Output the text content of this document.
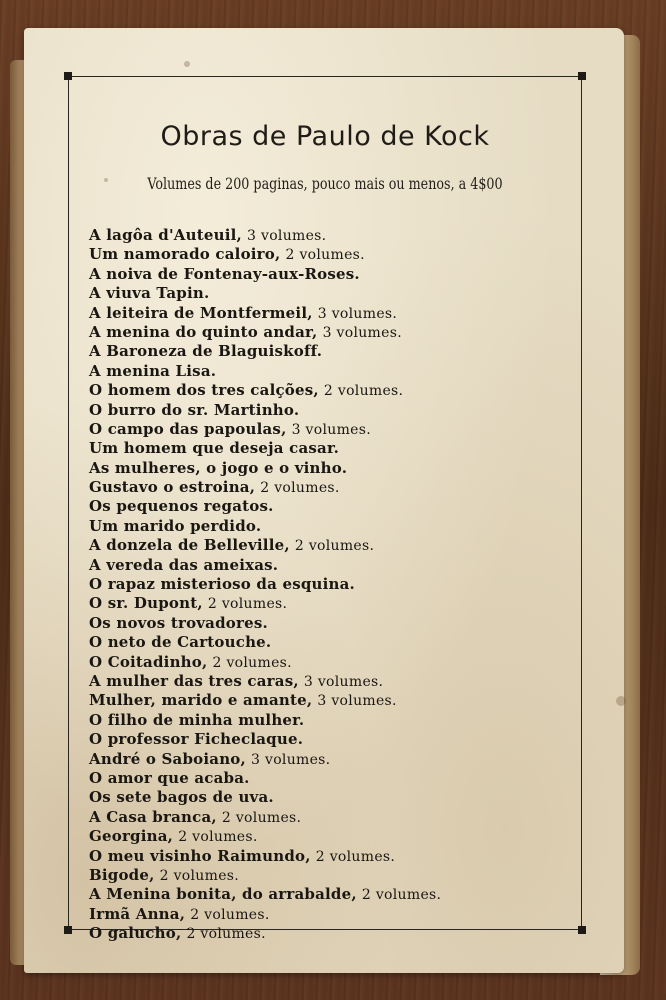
Obras de Paulo de Kock
Volumes de 200 paginas, pouco mais ou menos, a 4$00
A lagôa d'Auteuil, 3 volumes.
Um namorado caloiro, 2 volumes.
A noiva de Fontenay-aux-Roses.
A viuva Tapin.
A leiteira de Montfermeil, 3 volumes.
A menina do quinto andar, 3 volumes.
A Baroneza de Blaguiskoff.
A menina Lisa.
O homem dos tres calções, 2 volumes.
O burro do sr. Martinho.
O campo das papoulas, 3 volumes.
Um homem que deseja casar.
As mulheres, o jogo e o vinho.
Gustavo o estroina, 2 volumes.
Os pequenos regatos.
Um marido perdido.
A donzela de Belleville, 2 volumes.
A vereda das ameixas.
O rapaz misterioso da esquina.
O sr. Dupont, 2 volumes.
Os novos trovadores.
O neto de Cartouche.
O Coitadinho, 2 volumes.
A mulher das tres caras, 3 volumes.
Mulher, marido e amante, 3 volumes.
O filho de minha mulher.
O professor Ficheclaque.
André o Saboiano, 3 volumes.
O amor que acaba.
Os sete bagos de uva.
A Casa branca, 2 volumes.
Georgina, 2 volumes.
O meu visinho Raimundo, 2 volumes.
Bigode, 2 volumes.
A Menina bonita, do arrabalde, 2 volumes.
Irmã Anna, 2 volumes.
O galucho, 2 volumes.
